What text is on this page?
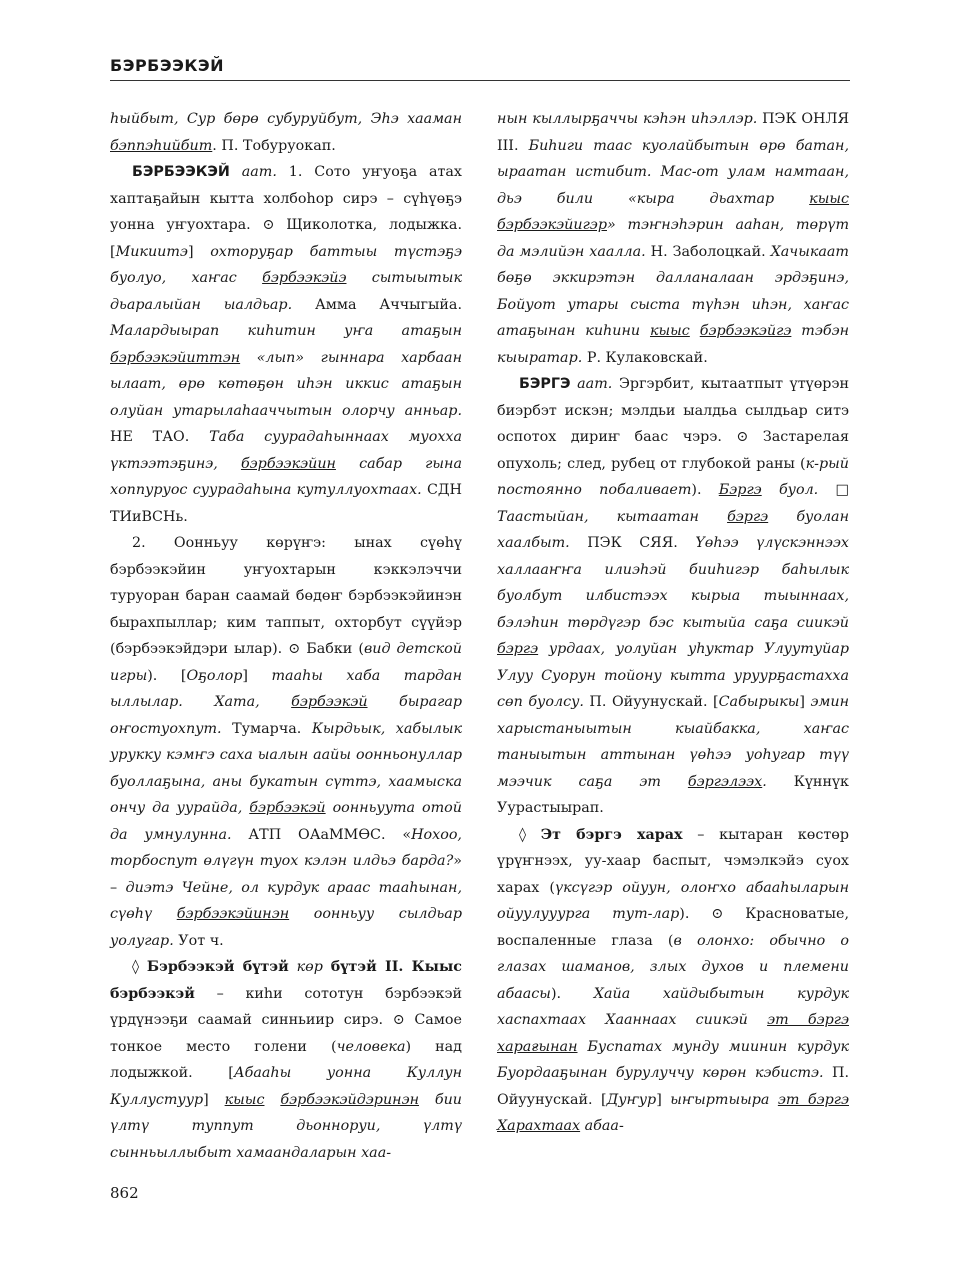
БЭРБЭЭКЭЙ

һыйбыт, Сур бөрө субуруйбут, Эһэ хааман бэппэһийбит. П. Тобуруокап.

БЭРБЭЭКЭЙ аат. 1. Сото уҥуоҕа атах хаптаҕайын кытта холбоһор сирэ – сүһүөҕэ уонна уҥуохтара. ⊙ Щиколотка, лодыжка. [Микиитэ] охторуҕар баттыы түстэҕэ буолуо, хаҥас бэрбээкэйэ сытыытык дьаралыйан ыалдьар. Амма Аччыгыйа. Малардыырап киһитин уҥа атаҕын бэрбээкэйиттэн «лып» гыннара харбаан ылаат, өрө көтөҕөн иһэн иккис атаҕын олуйан утарылаһааччытын олорчу анньар. НЕ ТАО. Таба суурадаһыннаах муохха үктээтэҕинэ, бэрбээкэйин сабар гына хоппуруос суурадаһына кутуллуохтаах. СДН ТИиВСНь.

2. Оонньуу көрүҥэ: ынах сүөһү бэрбээкэйин уҥуохтарын кэккэлэччи туруоран баран саамай бөдөҥ бэрбээкэйинэн бырахпыллар; ким таппыт, охторбут сүүйэр (бэрбээкэйдэри ылар). ⊙ Бабки (вид детской игры). [Оҕолор] тааһы хаба тардан ыллылар. Хата, бэрбээкэй бырагар оҥостуохпут. Тумарча. Кырдьык, хабылык урукку кэмҥэ саха ыалын аайы оонньонуллар буоллаҕына, аны букатын сүттэ, хаамыска ончу да уурайда, бэрбээкэй оонньуута отой да умнулунна. АТП ОАаММӨС. «Нохоо, торбоспут өлүгүн туох кэлэн илдьэ барда?» – диэтэ Чейне, ол курдук араас тааһынан, сүөһү бэрбээкэйинэн оонньуу сылдьар уолугар. Уот ч.

◊ Бэрбээкэй бүтэй көр бүтэй II. Кыыс бэрбээкэй – киһи сототун бэрбээкэй үрдүнээҕи саамай синньиир сирэ. ⊙ Самое тонкое место голени (человека) над лодыжкой. [Абааһы уонна Куллун Куллустуур] кыыс бэрбээкэйдэринэн бии үлтү туппут дьонноруи, үлтү сынньыллыбыт хамаандаларын хаа-

нын кыллырҕаччы кэһэн иһэллэр. ПЭК ОНЛЯ III. Биһиги таас куолайбытын өрө батан, ыраатан истибит. Мас-от улам намтаан, дьэ били «кыра дьахтар кыыс бэрбээкэйигэр» тэҥнэһэрин ааһан, төрүт да мэлийэн хаалла. Н. Заболоцкай. Хачыкаат бөҕө эккирэтэн далланалаан эрдэҕинэ, Бойуот утары сыста түһэн иһэн, хаҥас атаҕынан киһини кыыс бэрбээкэйгэ тэбэн кыыратар. Р. Кулаковскай.

БЭРГЭ аат. Эргэрбит, кытаатпыт үтүөрэн биэрбэт искэн; мэлдьи ыалдьа сылдьар ситэ оспотох дириҥ баас чэрэ. ⊙ Застарелая опухоль; след, рубец от глубокой раны (к-рый постоянно побаливает). Бэргэ буол. □ Таастыйан, кытаатан бэргэ буолан хаалбыт. ПЭК СЯЯ. Үөһээ үлүскэннээх халлааҥҥа илиэһэй бииһигэр баһылык буолбут илбистээх кырыа тыыннаах, бэлэһин төрдүгэр бэс кытыйа саҕа сиикэй бэргэ урдаах, уолуйан уһуктар Улуутуйар Улуу Суорун тойону кытта уруурҕастахха сөп буолсу. П. Ойуунускай. [Сабырыкы] эмин харыстаныытын кыайбакка, хаҥас таныытын аттынан үөһээ уоһугар түү мээчик саҕа эт бэргэлээх. Күннүк Уурастыырап.

◊ Эт бэргэ харах – кытаран көстөр үрүҥнээх, уу-хаар баспыт, чэмэлкэйэ суох харах (үксүгэр ойуун, олоҥхо абааһыларын ойуулууурга тут-лар). ⊙ Красноватые, воспаленные глаза (в олонхо: обычно о глазах шаманов, злых духов и племени абаасы). Хайа хайдыбытын курдук хаспахтаах Хааннаах сиикэй эт бэргэ харағынан Буспатах мунду миинин курдук Буордааҕынан бурулуччу көрөн кэбистэ. П. Ойуунускай. [Дуҥур] ыҥыртыыра эт бэргэ Харахтаах абаа-

862
